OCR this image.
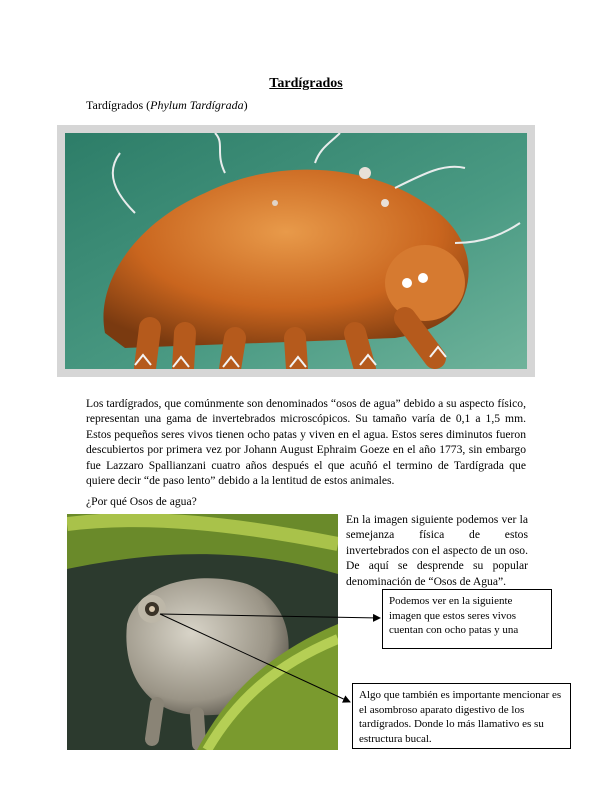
Tardígrados
Tardígrados (Phylum Tardígrada)

Los tardígrados, que comúnmente son denominados “osos de agua” debido a su aspecto físico, representan una gama de invertebrados microscópicos. Su tamaño varía de 0,1 a 1,5 mm. Estos pequeños seres vivos tienen ocho patas y viven en el agua. Estos seres diminutos fueron descubiertos por primera vez por Johann August Ephraim Goeze en el año 1773, sin embargo fue Lazzaro Spallianzani cuatro años después el que acuñó el termino de Tardígrada que quiere decir “de paso lento” debido a la lentitud de estos animales.

¿Por qué Osos de agua?

En la imagen siguiente podemos ver la semejanza física de estos invertebrados con el aspecto de un oso. De aquí se desprende su popular denominación de “Osos de Agua”.

Podemos ver en la siguiente imagen que estos seres vivos cuentan con ocho patas y una
Algo que también es importante mencionar es el asombroso aparato digestivo de los tardígrados. Donde lo más llamativo es su estructura bucal.
